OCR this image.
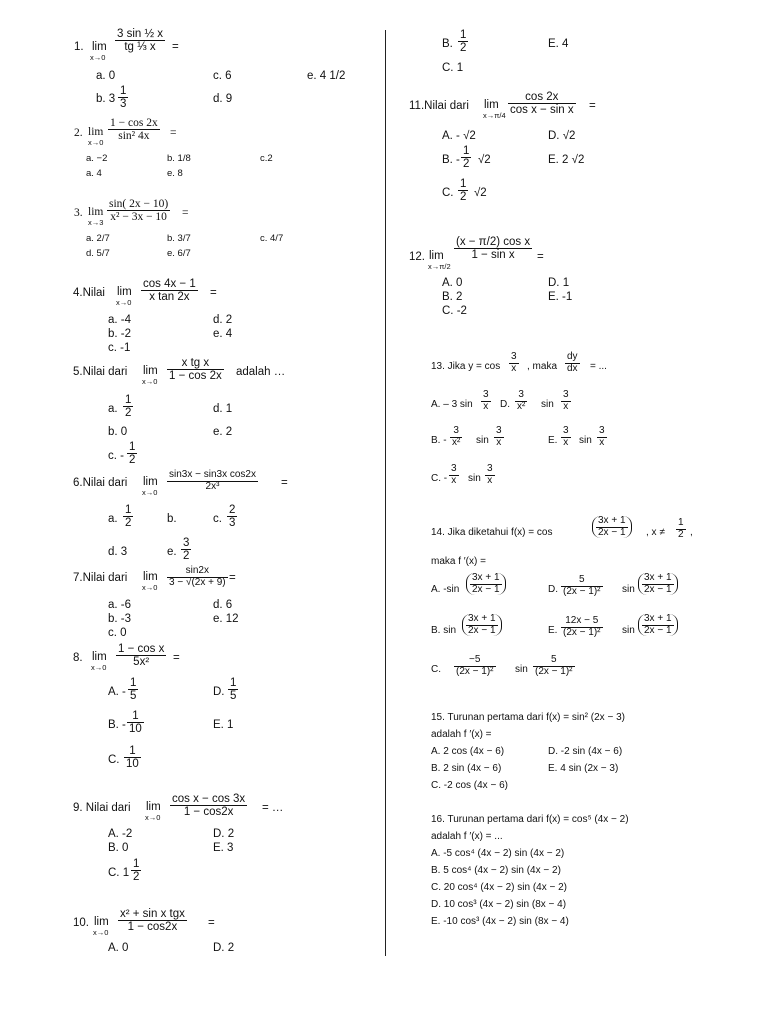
1. lim
x→0
$\frac{\text{3 sin ½ x}}{\text{tg ⅓ x}}$ =
a. 0	c. 6	e. 4 1/2
b. $3 \frac{1}{3}$	d. 9
2. lim
x→0
$\frac{1 - \cos 2x}{\text{sin² 4x}}$ =
a. −2	b. 1/8	c.2
a. 4	e. 8
3. lim
$x\to 3 \frac{\sin( 2x - 10)}{\text{x² − 3x − 10}}$ =
a. 2/7	b. 3/7	c. 4/7
d. 5/7	e. 6/7
4.Nilai lim
$x\to 0 \frac{\cos 4x - 1}{\text{x tan 2x}}$ =
a. -4	d. 2
b. -2	e. 4
c. -1
5.Nilai dari lim
$x\to 0 \frac{\text{x tg x}}{1 - \cos 2x}$ adalah …
a. $\frac{1}{2}$	d. 1
b. 0	e. 2
c. - $\frac{1}{2}$
6.Nilai dari lim
x→0
$\frac{\text{sin3x − sin3x cos2x}}{\text{2x³}}$ =
a. $\frac{1}{2}$	b.	c. $\frac{2}{3}$
d. 3	e. $\frac{3}{2}$
7.Nilai dari lim
$x\to 0 \frac{\sin 2x}{3 - √(2x + 9)}$ =
a. -6	d. 6
b. -3	e. 12
c. 0
8. lim
$x\to 0 \frac{\text{1 − cos x}}{\text{5x²}}$ =
A. - $\frac{1}{5}$	D. $\frac{1}{5}$
B. - $\frac{1}{10}$	E. 1
C. $\frac{1}{10}$
9. Nilai dari lim
$x\to 0 \frac{\text{cos x − cos 3x}}{1 - \cos 2x}$ = …
A. -2	D. 2
B. 0	E. 3
C. $1 \frac{1}{2}$
10. lim
$x\to 0 \frac{\text{x² + sin x tgx}}{1 - \cos 2x}$ =
A. 0	D. 2
B. $\frac{1}{2}$	E. 4
C. 1
11.Nilai dari lim
$x\to\pi/4 \frac{\cos 2x}{\text{cos x − sin x}}$ =
A. - √2	D. √2
B. - $\frac{1}{2} √2$	E. 2 √2
C. $\frac{1}{2} √2$
12. lim
x→π/2
$\frac{\text{(x − π/2) cos x}}{\text{1 − sin x}}$ =
A. 0	D. 1
B. 2	E. -1
C. -2
13. Jika $y = \cos \frac{3}{x}$ , maka $\frac{dy}{dx}$ = ...
A. – 3 $\sin \frac{3}{x} D$. $\frac{3}{\text{x²}}$ $\sin \frac{3}{x}$
B. - $\frac{3}{\text{x²}}$ $\sin \frac{3}{x}$	E. $\frac{3}{x}$ $\sin \frac{3}{x}$
C. - $\frac{3}{x}$ $\sin \frac{3}{x}$
14. Jika diketahui f(x) = cos	$\frac{3x + 1}{2x - 1}$ , $x \ne \frac{1}{2}$ ,
maka f ′(x) =
A. $-\sin \frac{3x + 1}{2x - 1}$	D. $\frac{5}{\text{(2x − 1)²}}$ $\sin \frac{3x + 1}{2x - 1}$
B. $\sin \frac{3x + 1}{2x - 1}$	E. $\frac{12x - 5}{\text{(2x − 1)²}}$ $\sin \frac{3x + 1}{2x - 1}$
C. $\frac{-5}{\text{(2x − 1)²}}$ $\sin \frac{5}{\text{(2x − 1)²}}$
15. Turunan pertama dari f(x) = sin² (2x − 3)
adalah f ′(x) =
A. 2 cos (4x − 6)	D. -2 sin (4x − 6)
B. 2 sin (4x − 6)	E. 4 sin (2x − 3)
C. -2 cos (4x − 6)
16. Turunan pertama dari f(x) = cos⁵ (4x − 2)
adalah f ′(x) = ...
A. -5 cos⁴ (4x − 2) sin (4x − 2)
B. 5 cos⁴ (4x − 2) sin (4x − 2)
C. 20 cos⁴ (4x − 2) sin (4x − 2)
D. 10 cos³ (4x − 2) sin (8x − 4)
E. -10 cos³ (4x − 2) sin (8x − 4)
